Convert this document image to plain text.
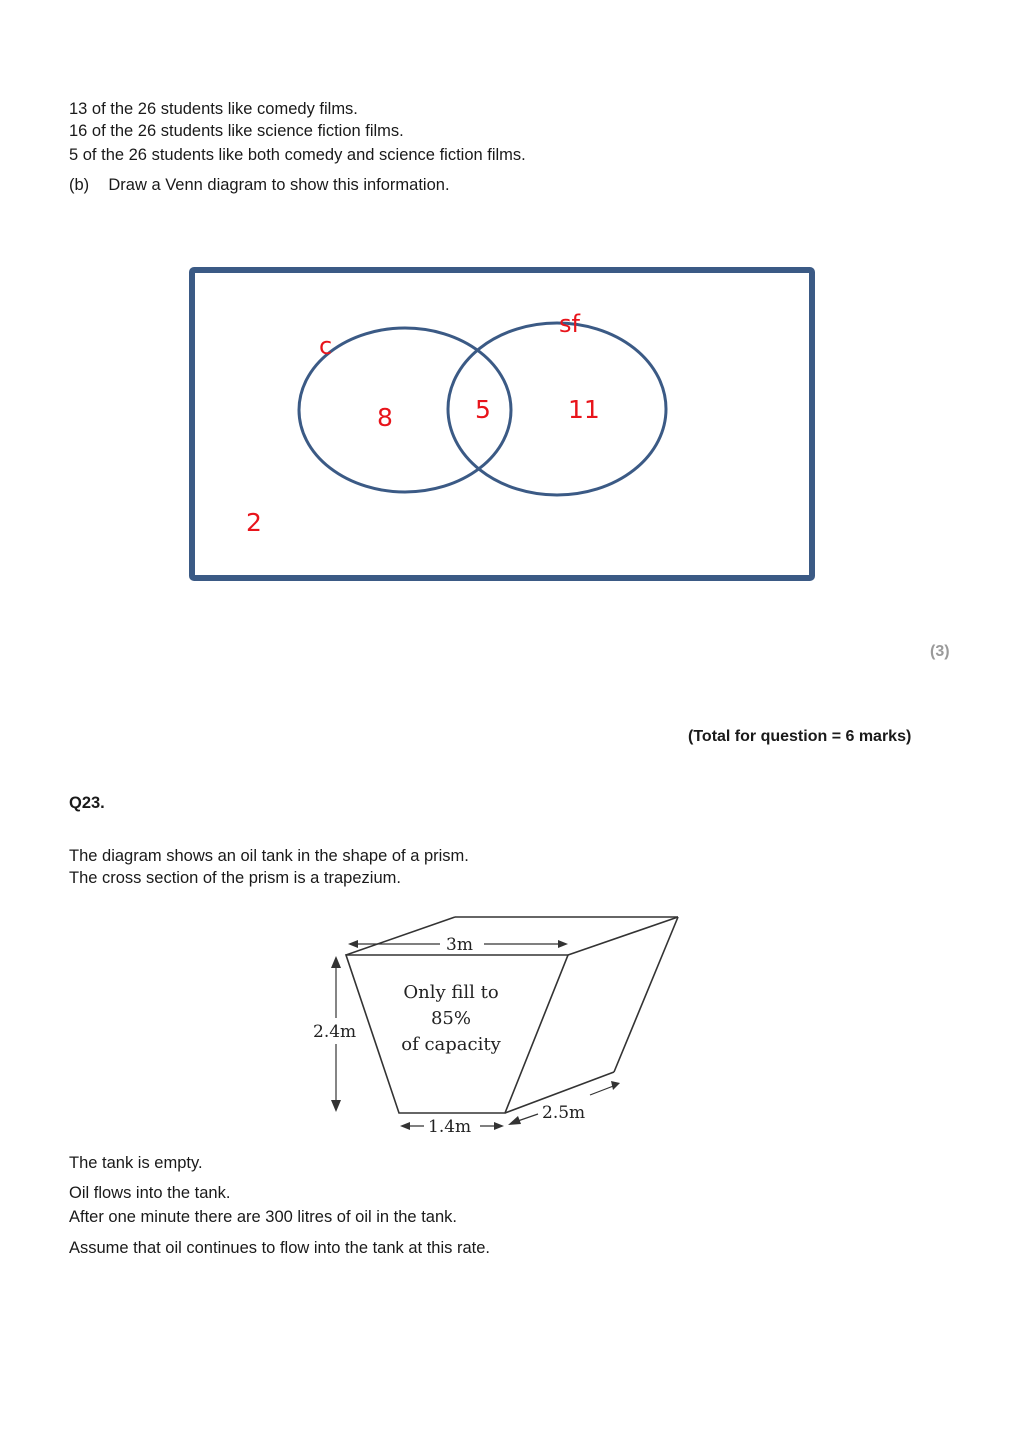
13 of the 26 students like comedy films.
16 of the 26 students like science fiction films.
5 of the 26 students like both comedy and science fiction films.
(b) Draw a Venn diagram to show this information.
c
sf
8	5	11
2
(3)
(Total for question = 6 marks)
Q23.
The diagram shows an oil tank in the shape of a prism.
The cross section of the prism is a trapezium.
3m
2.4m
1.4m
2.5m
Only fill to
85%
of capacity
The tank is empty.
Oil flows into the tank.
After one minute there are 300 litres of oil in the tank.
Assume that oil continues to flow into the tank at this rate.
